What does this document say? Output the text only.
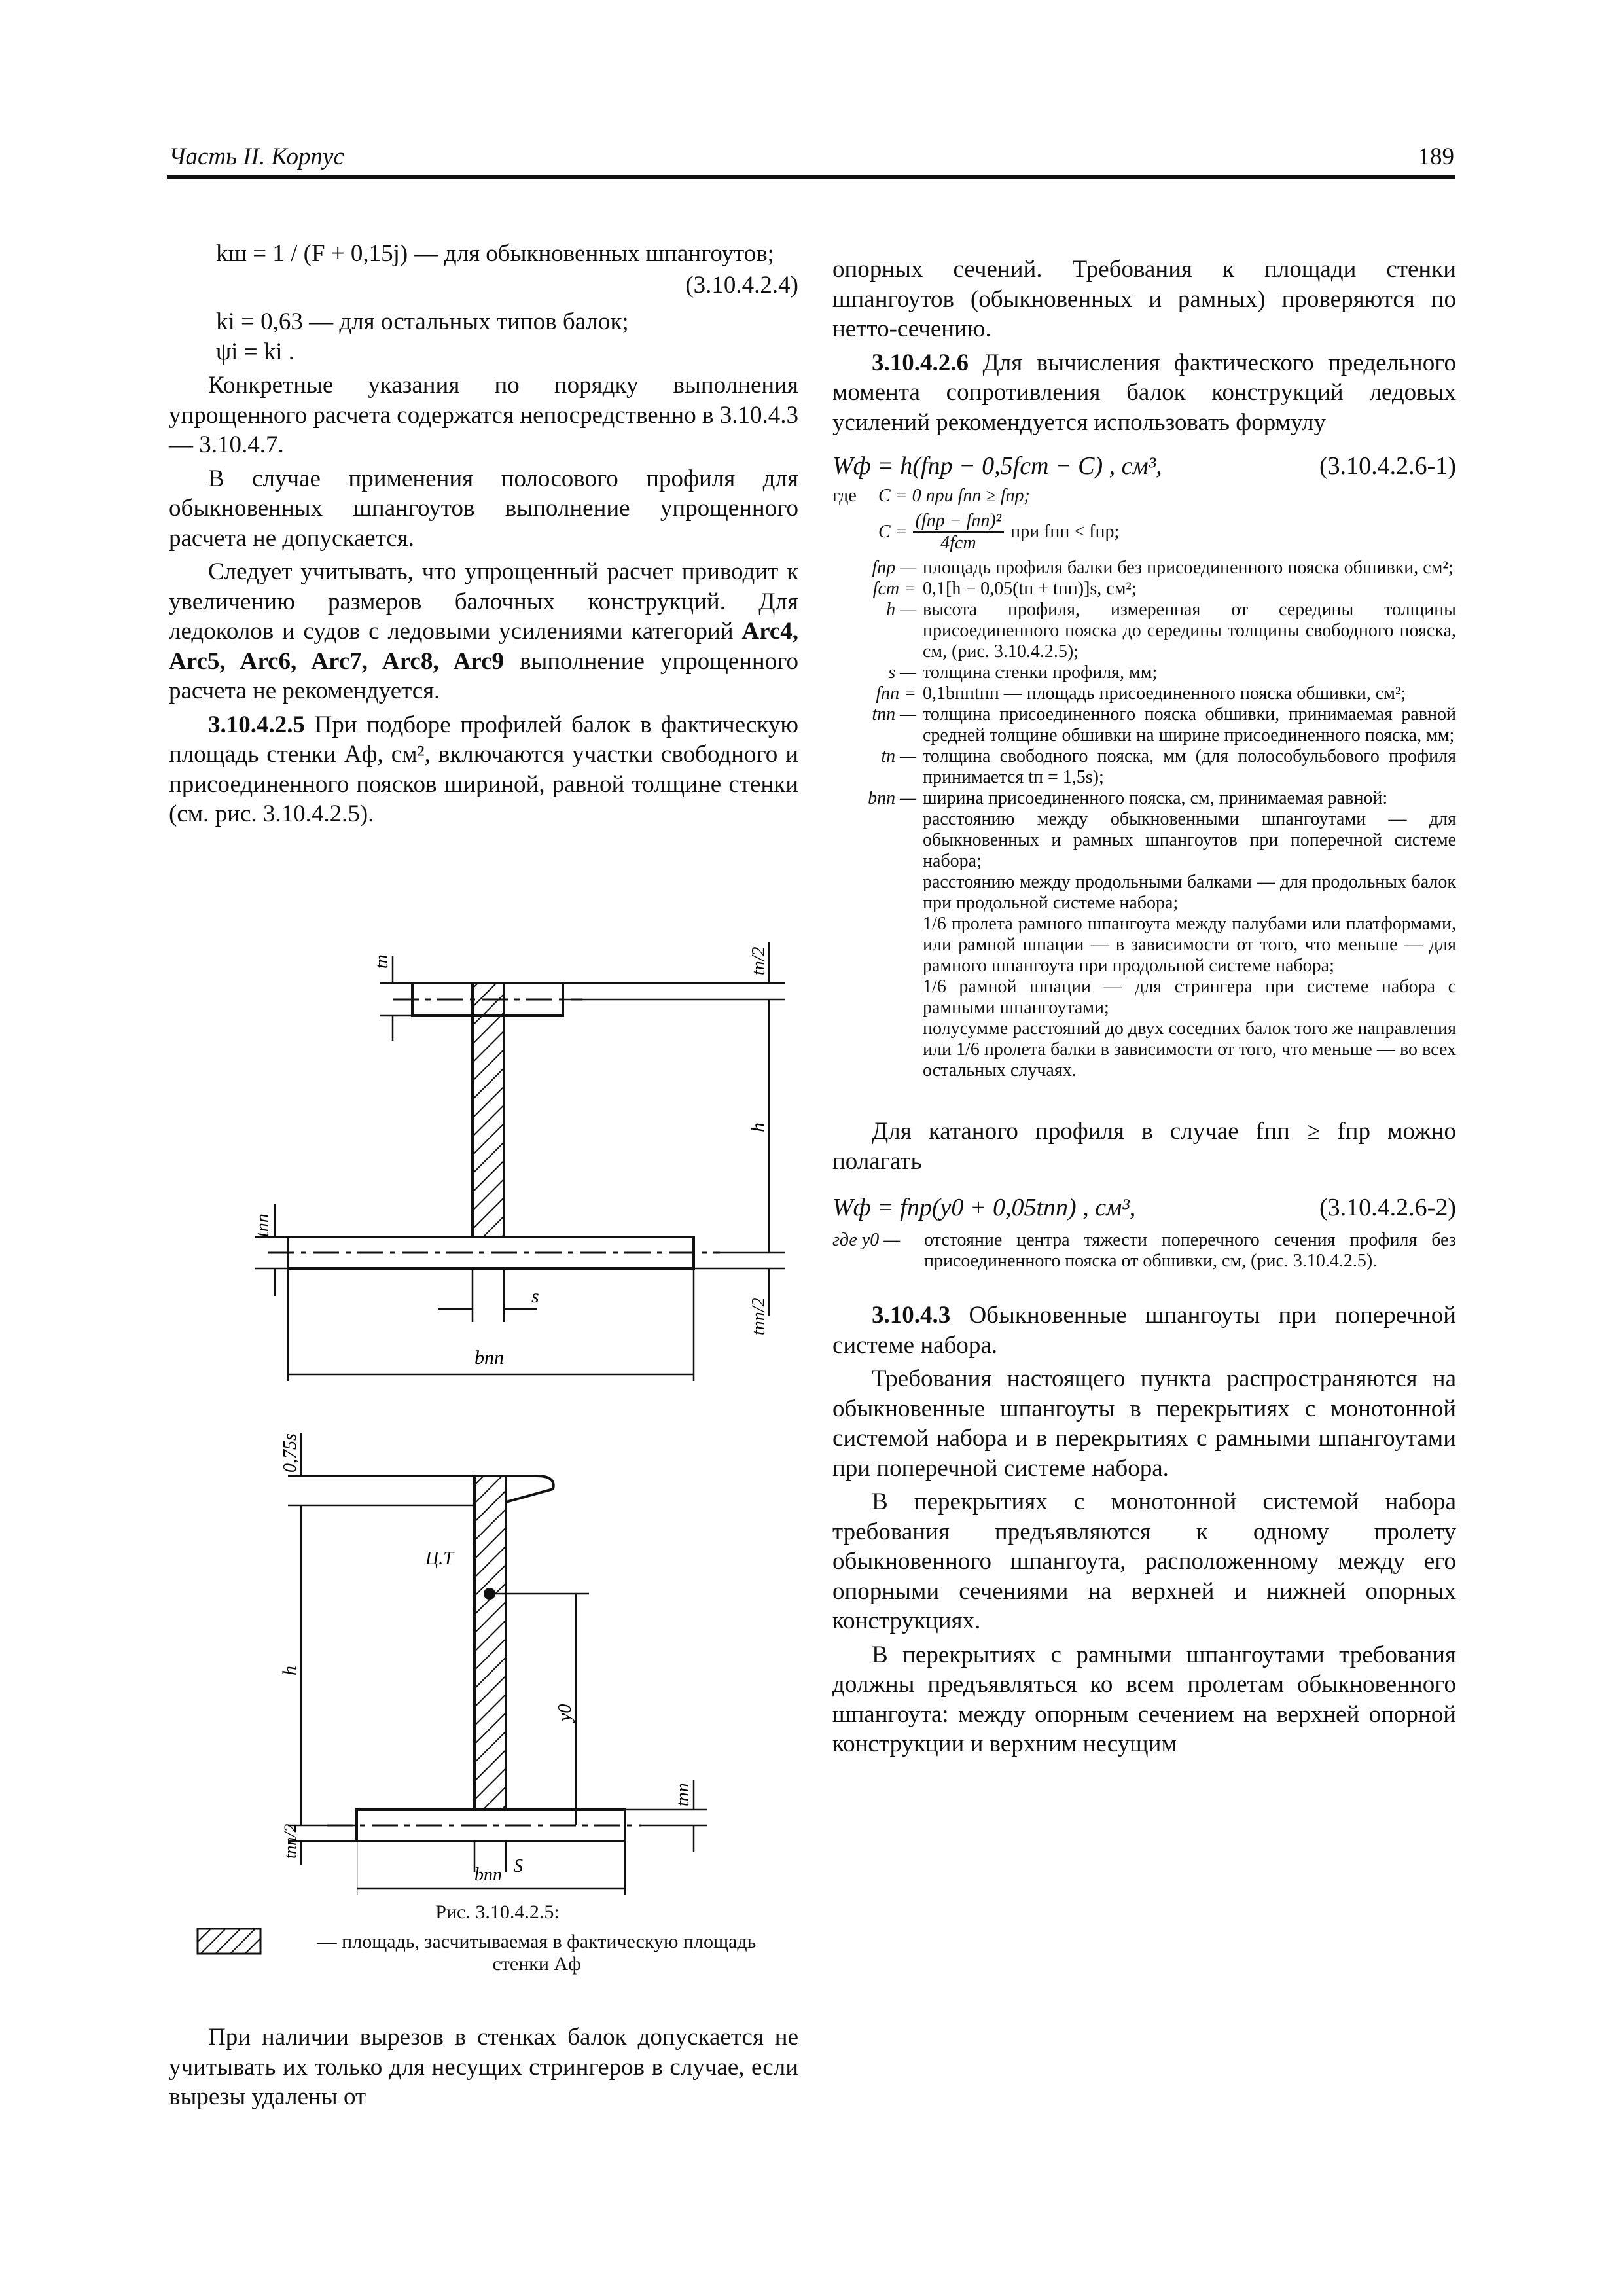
Часть II. Корпус	189
kш = 1 / (F + 0,15j) — для обыкновенных шпангоутов;
(3.10.4.2.4)
ki = 0,63 — для остальных типов балок;
ψi = ki .

Конкретные указания по порядку выполнения упрощенного расчета содержатся непосредственно в 3.10.4.3 — 3.10.4.7.

В случае применения полосового профиля для обыкновенных шпангоутов выполнение упрощенного расчета не допускается.

Следует учитывать, что упрощенный расчет приводит к увеличению размеров балочных конструкций. Для ледоколов и судов с ледовыми усилениями категорий Arc4, Arc5, Arc6, Arc7, Arc8, Arc9 выполнение упрощенного расчета не рекомендуется.

3.10.4.2.5 При подборе профилей балок в фактическую площадь стенки Aф, см², включаются участки свободного и присоединенного поясков шириной, равной толщине стенки (см. рис. 3.10.4.2.5).

tп	tп/2
h
tпп
s
tпп/2
bпп
0,75s
Ц.Т
h
y0
tпп
tпп/2
S
bпп
Рис. 3.10.4.2.5:
— площадь, засчитываемая в фактическую площадь
стенки Aф

При наличии вырезов в стенках балок допускается не учитывать их только для несущих стрингеров в случае, если вырезы удалены от

опорных сечений. Требования к площади стенки шпангоутов (обыкновенных и рамных) проверяются по нетто-сечению.

3.10.4.2.6 Для вычисления фактического предельного момента сопротивления балок конструкций ледовых усилений рекомендуется использовать формулу

Wф = h(fпр − 0,5fст − C) , см³,	(3.10.4.2.6-1)
где C = 0 при fпп ≥ fпр;
C =
(fпр − fпп)²
4fст
при fпп < fпр;
fпр — площадь профиля балки без присоединенного пояска обшивки, см²;
fст = 0,1[h − 0,05(tп + tпп)]s, см²;
h — высота профиля, измеренная от середины толщины присоединенного пояска до середины толщины свободного пояска, см, (рис. 3.10.4.2.5);
s — толщина стенки профиля, мм;
fпп = 0,1bппtпп — площадь присоединенного пояска обшивки, см²;
tпп — толщина присоединенного пояска обшивки, принимаемая равной средней толщине обшивки на ширине присоединенного пояска, мм;
tп — толщина свободного пояска, мм (для полособульбового профиля принимается tп = 1,5s);
bпп — ширина присоединенного пояска, см, принимаемая равной:
расстоянию между обыкновенными шпангоутами — для обыкновенных и рамных шпангоутов при поперечной системе набора;
расстоянию между продольными балками — для продольных балок при продольной системе набора;
1/6 пролета рамного шпангоута между палубами или платформами, или рамной шпации — в зависимости от того, что меньше — для рамного шпангоута при продольной системе набора;
1/6 рамной шпации — для стрингера при системе набора с рамными шпангоутами;
полусумме расстояний до двух соседних балок того же направления или 1/6 пролета балки в зависимости от того, что меньше — во всех остальных случаях.

Для катаного профиля в случае fпп ≥ fпр можно полагать

Wф = fпр(y0 + 0,05tпп) , см³,	(3.10.4.2.6-2)
где y0 —	отстояние центра тяжести поперечного сечения профиля без присоединенного пояска от обшивки, см, (рис. 3.10.4.2.5).

3.10.4.3 Обыкновенные шпангоуты при поперечной системе набора.

Требования настоящего пункта распространяются на обыкновенные шпангоуты в перекрытиях с монотонной системой набора и в перекрытиях с рамными шпангоутами при поперечной системе набора.

В перекрытиях с монотонной системой набора требования предъявляются к одному пролету обыкновенного шпангоута, расположенному между его опорными сечениями на верхней и нижней опорных конструкциях.

В перекрытиях с рамными шпангоутами требования должны предъявляться ко всем пролетам обыкновенного шпангоута: между опорным сечением на верхней опорной конструкции и верхним несущим
